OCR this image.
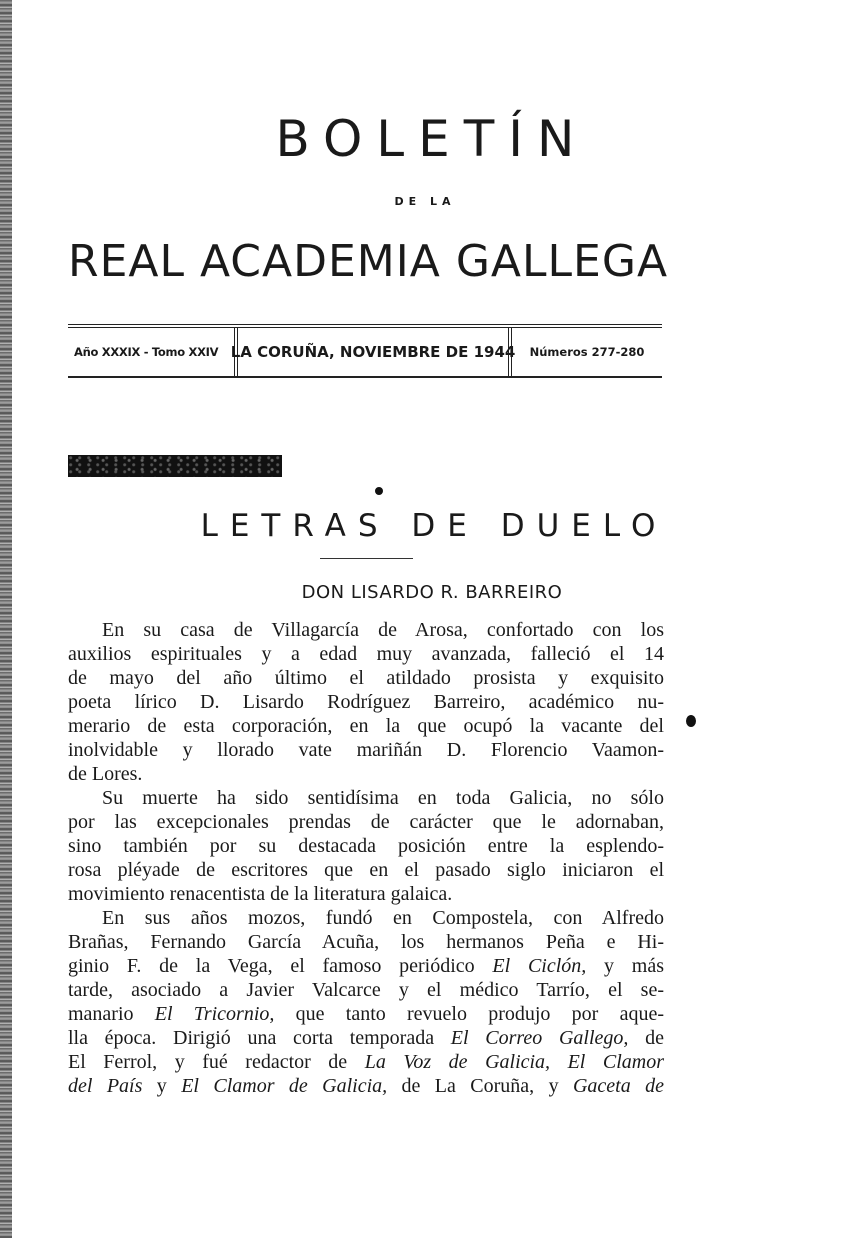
BOLETÍN
DE LA
REAL ACADEMIA GALLEGA
Año XXXIX - Tomo XXIV LA CORUÑA, NOVIEMBRE DE 1944	Números 277-280
LETRAS DE DUELO
DON LISARDO R. BARREIRO
En su casa de Villagarcía de Arosa, confortado con los
auxilios espirituales y a edad muy avanzada, falleció el 14
de mayo del año último el atildado prosista y exquisito
poeta lírico D. Lisardo Rodríguez Barreiro, académico nu-
merario de esta corporación, en la que ocupó la vacante del
inolvidable y llorado vate mariñán D. Florencio Vaamon-
de Lores.
Su muerte ha sido sentidísima en toda Galicia, no sólo
por las excepcionales prendas de carácter que le adornaban,
sino también por su destacada posición entre la esplendo-
rosa pléyade de escritores que en el pasado siglo iniciaron el
movimiento renacentista de la literatura galaica.
En sus años mozos, fundó en Compostela, con Alfredo
Brañas, Fernando García Acuña, los hermanos Peña e Hi-
ginio F. de la Vega, el famoso periódico El Ciclón, y más
tarde, asociado a Javier Valcarce y el médico Tarrío, el se-
manario El Tricornio, que tanto revuelo produjo por aque-
lla época. Dirigió una corta temporada El Correo Gallego, de
El Ferrol, y fué redactor de La Voz de Galicia, El Clamor
del País y El Clamor de Galicia, de La Coruña, y Gaceta de
